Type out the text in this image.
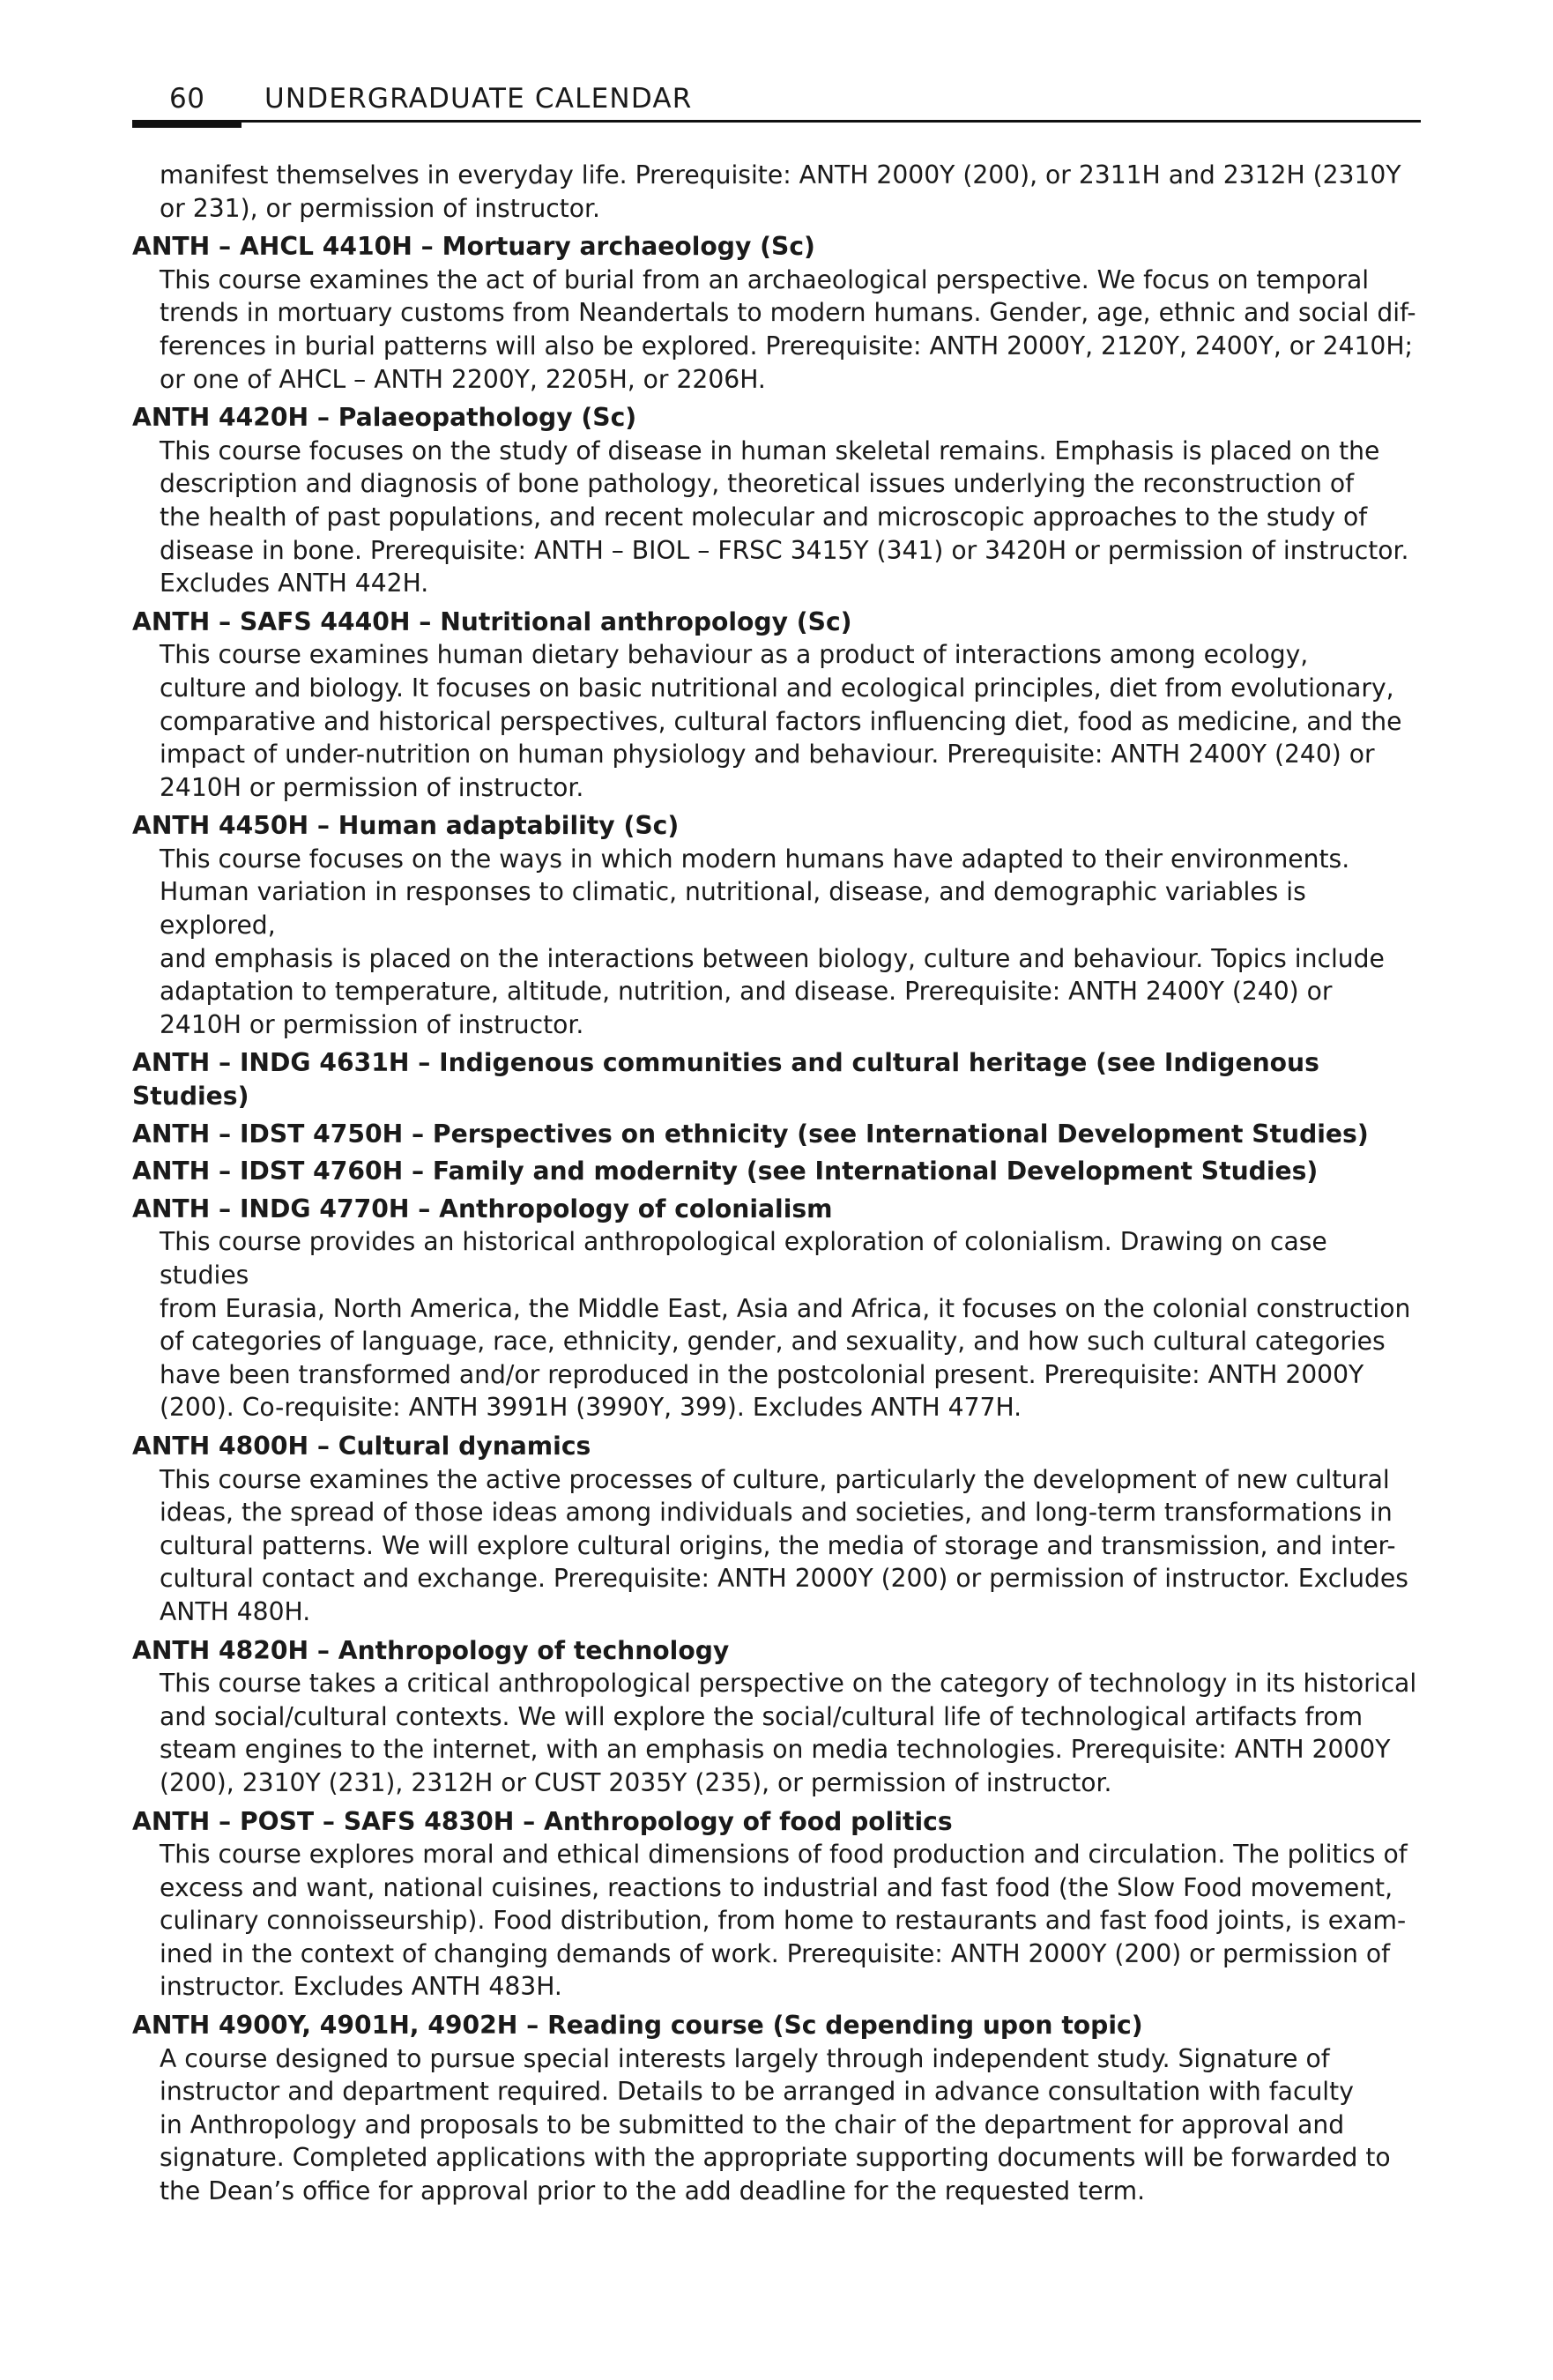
60 UNDERGRADUATE CALENDAR

manifest themselves in everyday life. Prerequisite: ANTH 2000Y (200), or 2311H and 2312H (2310Y
or 231), or permission of instructor.

ANTH – AHCL 4410H – Mortuary archaeology (Sc)

This course examines the act of burial from an archaeological perspective. We focus on temporal
trends in mortuary customs from Neandertals to modern humans. Gender, age, ethnic and social dif-
ferences in burial patterns will also be explored. Prerequisite: ANTH 2000Y, 2120Y, 2400Y, or 2410H;
or one of AHCL – ANTH 2200Y, 2205H, or 2206H.

ANTH 4420H – Palaeopathology (Sc)

This course focuses on the study of disease in human skeletal remains. Emphasis is placed on the
description and diagnosis of bone pathology, theoretical issues underlying the reconstruction of
the health of past populations, and recent molecular and microscopic approaches to the study of
disease in bone. Prerequisite: ANTH – BIOL – FRSC 3415Y (341) or 3420H or permission of instructor.
Excludes ANTH 442H.

ANTH – SAFS 4440H – Nutritional anthropology (Sc)

This course examines human dietary behaviour as a product of interactions among ecology,
culture and biology. It focuses on basic nutritional and ecological principles, diet from evolutionary,
comparative and historical perspectives, cultural factors influencing diet, food as medicine, and the
impact of under-nutrition on human physiology and behaviour. Prerequisite: ANTH 2400Y (240) or
2410H or permission of instructor.

ANTH 4450H – Human adaptability (Sc)

This course focuses on the ways in which modern humans have adapted to their environments.
Human variation in responses to climatic, nutritional, disease, and demographic variables is explored,
and emphasis is placed on the interactions between biology, culture and behaviour. Topics include
adaptation to temperature, altitude, nutrition, and disease. Prerequisite: ANTH 2400Y (240) or
2410H or permission of instructor.

ANTH – INDG 4631H – Indigenous communities and cultural heritage (see Indigenous Studies)

ANTH – IDST 4750H – Perspectives on ethnicity (see International Development Studies)

ANTH – IDST 4760H – Family and modernity (see International Development Studies)

ANTH – INDG 4770H – Anthropology of colonialism

This course provides an historical anthropological exploration of colonialism. Drawing on case studies
from Eurasia, North America, the Middle East, Asia and Africa, it focuses on the colonial construction
of categories of language, race, ethnicity, gender, and sexuality, and how such cultural categories
have been transformed and/or reproduced in the postcolonial present. Prerequisite: ANTH 2000Y
(200). Co-requisite: ANTH 3991H (3990Y, 399). Excludes ANTH 477H.

ANTH 4800H – Cultural dynamics

This course examines the active processes of culture, particularly the development of new cultural
ideas, the spread of those ideas among individuals and societies, and long-term transformations in
cultural patterns. We will explore cultural origins, the media of storage and transmission, and inter-
cultural contact and exchange. Prerequisite: ANTH 2000Y (200) or permission of instructor. Excludes
ANTH 480H.

ANTH 4820H – Anthropology of technology

This course takes a critical anthropological perspective on the category of technology in its historical
and social/cultural contexts. We will explore the social/cultural life of technological artifacts from
steam engines to the internet, with an emphasis on media technologies. Prerequisite: ANTH 2000Y
(200), 2310Y (231), 2312H or CUST 2035Y (235), or permission of instructor.

ANTH – POST – SAFS 4830H – Anthropology of food politics

This course explores moral and ethical dimensions of food production and circulation. The politics of
excess and want, national cuisines, reactions to industrial and fast food (the Slow Food movement,
culinary connoisseurship). Food distribution, from home to restaurants and fast food joints, is exam-
ined in the context of changing demands of work. Prerequisite: ANTH 2000Y (200) or permission of
instructor. Excludes ANTH 483H.

ANTH 4900Y, 4901H, 4902H – Reading course (Sc depending upon topic)

A course designed to pursue special interests largely through independent study. Signature of
instructor and department required. Details to be arranged in advance consultation with faculty
in Anthropology and proposals to be submitted to the chair of the department for approval and
signature. Completed applications with the appropriate supporting documents will be forwarded to
the Dean’s office for approval prior to the add deadline for the requested term.
